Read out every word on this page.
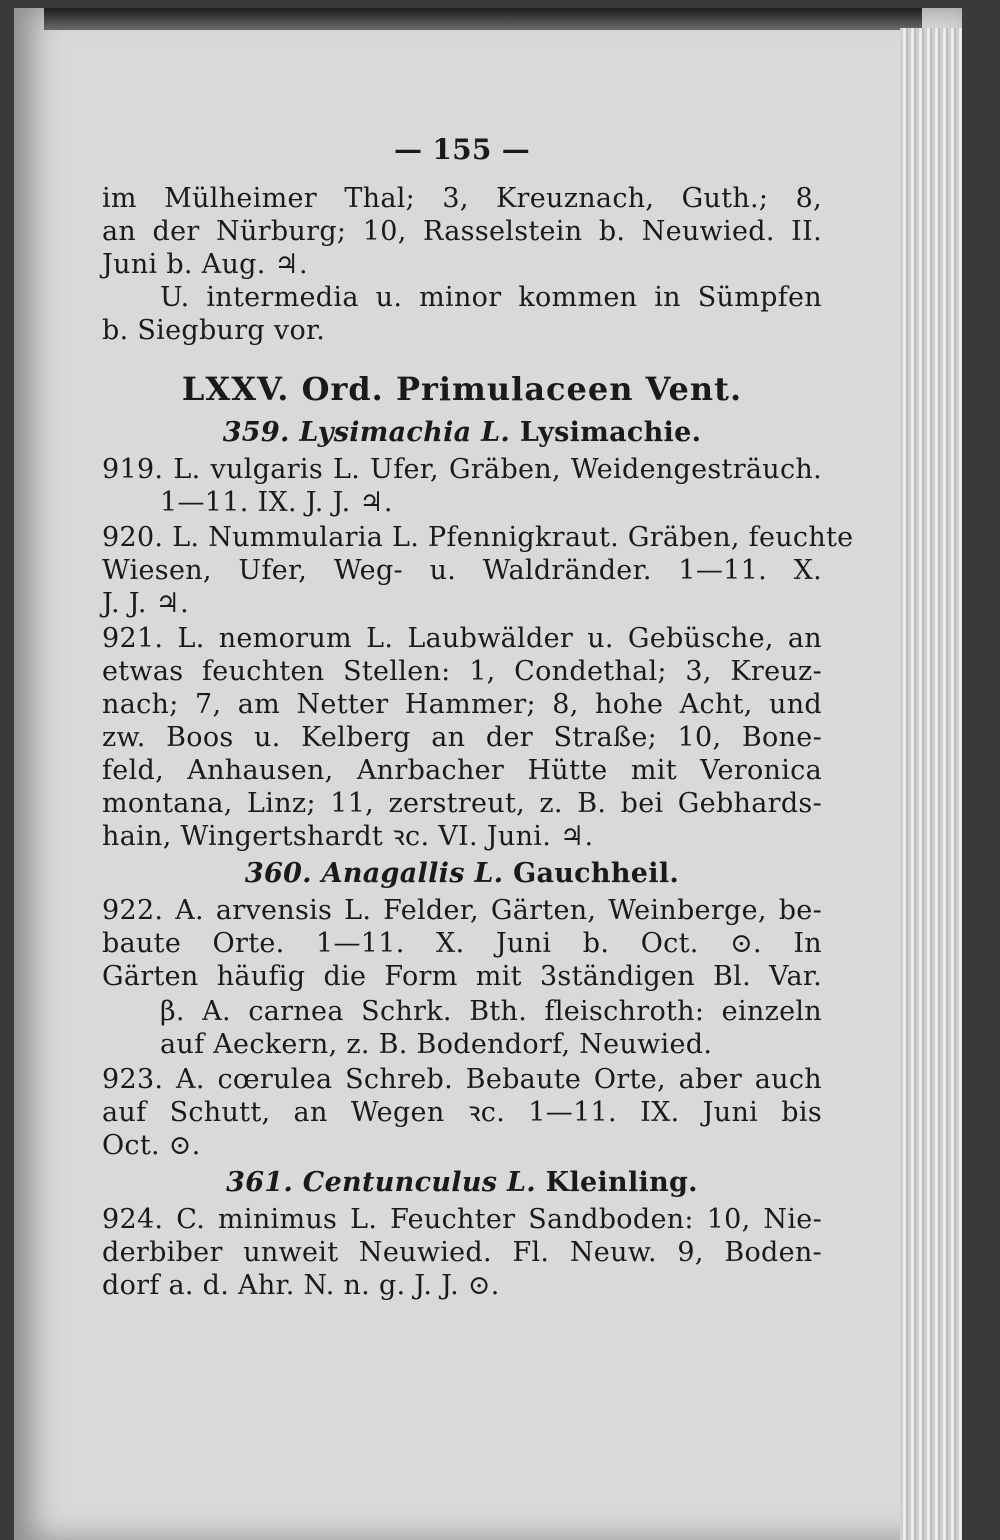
— 155 —
im Mülheimer Thal; 3, Kreuznach, Guth.; 8,
an der Nürburg; 10, Rasselstein b. Neuwied. II.
Juni b. Aug. ♃.
U. intermedia u. minor kommen in Sümpfen
b. Siegburg vor.
LXXV. Ord. Primulaceen Vent.
359. Lysimachia L. Lysimachie.
919. L. vulgaris L. Ufer, Gräben, Weidengesträuch.
1—11. IX. J. J. ♃.
920. L. Nummularia L. Pfennigkraut. Gräben, feuchte
Wiesen, Ufer, Weg- u. Waldränder. 1—11. X.
J. J. ♃.
921. L. nemorum L. Laubwälder u. Gebüsche, an
etwas feuchten Stellen: 1, Condethal; 3, Kreuz-
nach; 7, am Netter Hammer; 8, hohe Acht, und
zw. Boos u. Kelberg an der Straße; 10, Bone-
feld, Anhausen, Anrbacher Hütte mit Veronica
montana, Linz; 11, zerstreut, z. B. bei Gebhards-
hain, Wingertshardt ꝛc. VI. Juni. ♃.
360. Anagallis L. Gauchheil.
922. A. arvensis L. Felder, Gärten, Weinberge, be-
baute Orte. 1—11. X. Juni b. Oct. ⊙. In
Gärten häufig die Form mit 3ständigen Bl. Var.
β. A. carnea Schrk. Bth. fleischroth: einzeln
auf Aeckern, z. B. Bodendorf, Neuwied.
923. A. cœrulea Schreb. Bebaute Orte, aber auch
auf Schutt, an Wegen ꝛc. 1—11. IX. Juni bis
Oct. ⊙.
361. Centunculus L. Kleinling.
924. C. minimus L. Feuchter Sandboden: 10, Nie-
derbiber unweit Neuwied. Fl. Neuw. 9, Boden-
dorf a. d. Ahr. N. n. g. J. J. ⊙.
